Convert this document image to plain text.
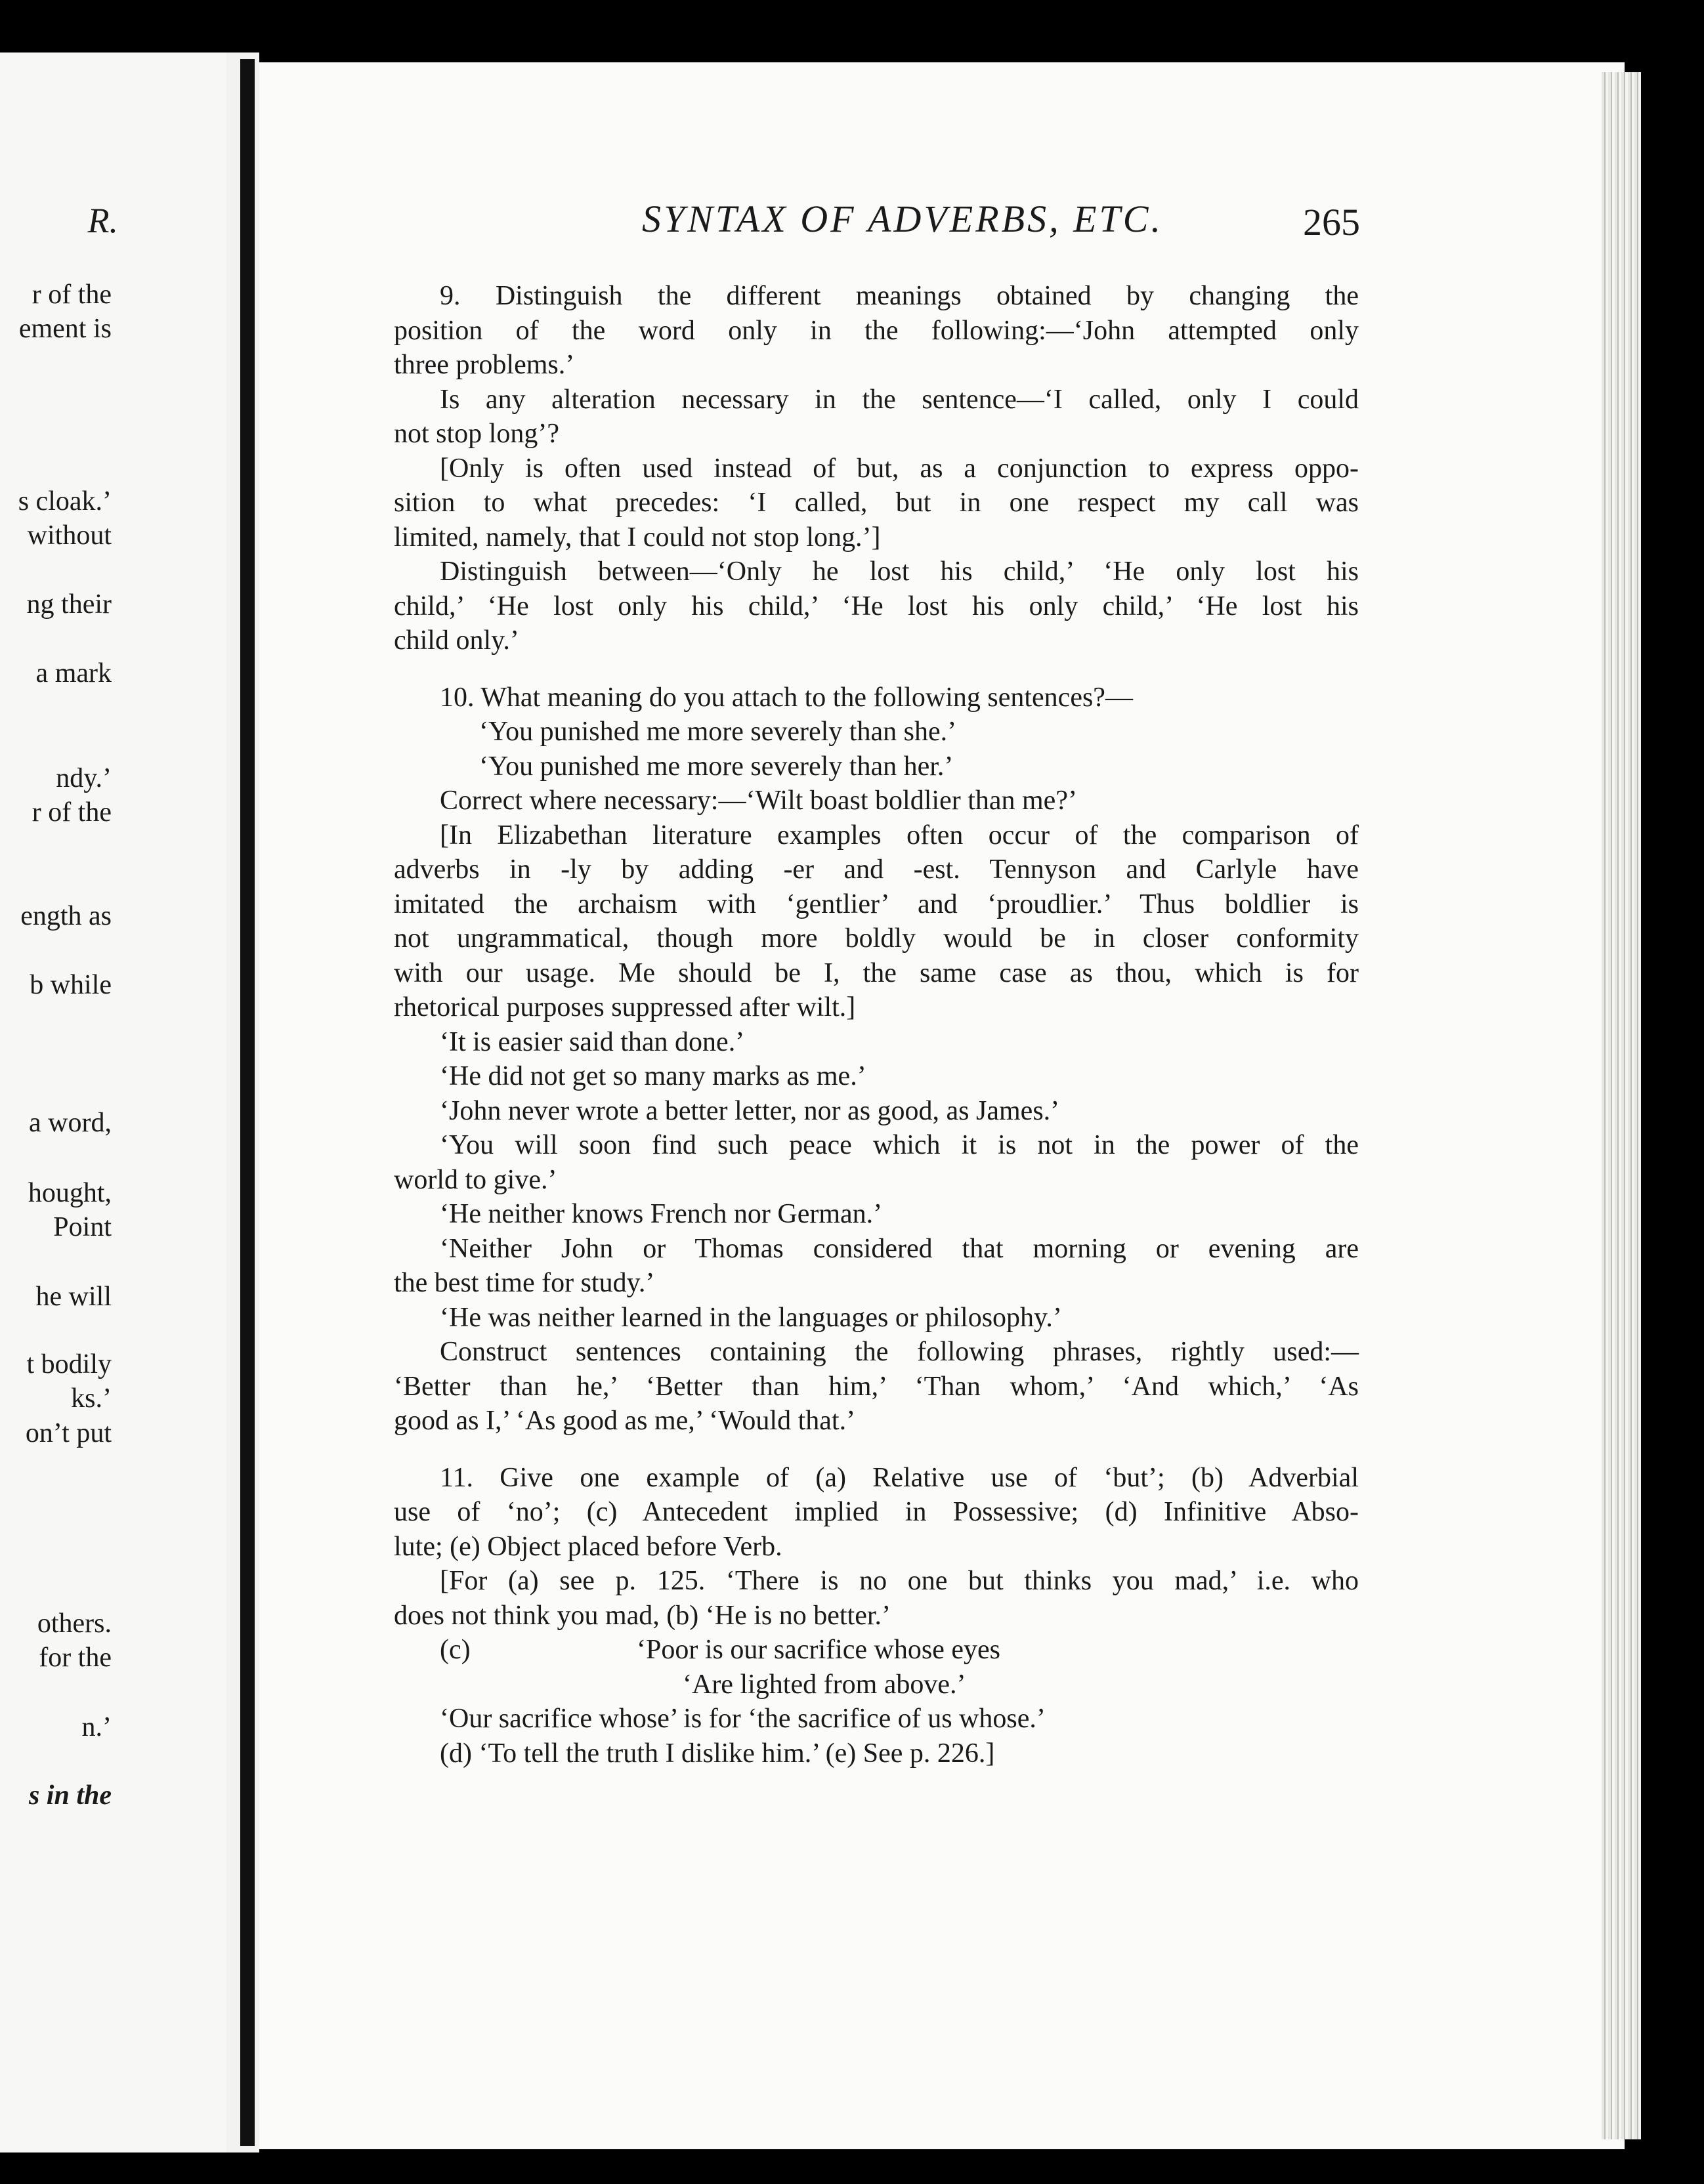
R.
r of the
ement is
s cloak.’
without
ng their
a mark
ndy.’
r of the
ength as
b while
a word,
hought,
Point
he will
t bodily
ks.’
on’t put
others.
for the
n.’
s in the
SYNTAX OF ADVERBS, ETC.	265
9. Distinguish the different meanings obtained by changing the
position of the word only in the following:—‘John attempted only
three problems.’
Is any alteration necessary in the sentence—‘I called, only I could
not stop long’?
[Only is often used instead of but, as a conjunction to express oppo-
sition to what precedes: ‘I called, but in one respect my call was
limited, namely, that I could not stop long.’]
Distinguish between—‘Only he lost his child,’ ‘He only lost his
child,’ ‘He lost only his child,’ ‘He lost his only child,’ ‘He lost his
child only.’
10. What meaning do you attach to the following sentences?—
‘You punished me more severely than she.’
‘You punished me more severely than her.’
Correct where necessary:—‘Wilt boast boldlier than me?’
[In Elizabethan literature examples often occur of the comparison of
adverbs in -ly by adding -er and -est. Tennyson and Carlyle have
imitated the archaism with ‘gentlier’ and ‘proudlier.’ Thus boldlier is
not ungrammatical, though more boldly would be in closer conformity
with our usage. Me should be I, the same case as thou, which is for
rhetorical purposes suppressed after wilt.]
‘It is easier said than done.’
‘He did not get so many marks as me.’
‘John never wrote a better letter, nor as good, as James.’
‘You will soon find such peace which it is not in the power of the
world to give.’
‘He neither knows French nor German.’
‘Neither John or Thomas considered that morning or evening are
the best time for study.’
‘He was neither learned in the languages or philosophy.’
Construct sentences containing the following phrases, rightly used:—
‘Better than he,’ ‘Better than him,’ ‘Than whom,’ ‘And which,’ ‘As
good as I,’ ‘As good as me,’ ‘Would that.’
11. Give one example of (a) Relative use of ‘but’; (b) Adverbial
use of ‘no’; (c) Antecedent implied in Possessive; (d) Infinitive Abso-
lute; (e) Object placed before Verb.
[For (a) see p. 125. ‘There is no one but thinks you mad,’ i.e. who
does not think you mad, (b) ‘He is no better.’
(c)	‘Poor is our sacrifice whose eyes
‘Are lighted from above.’
‘Our sacrifice whose’ is for ‘the sacrifice of us whose.’
(d) ‘To tell the truth I dislike him.’ (e) See p. 226.]
